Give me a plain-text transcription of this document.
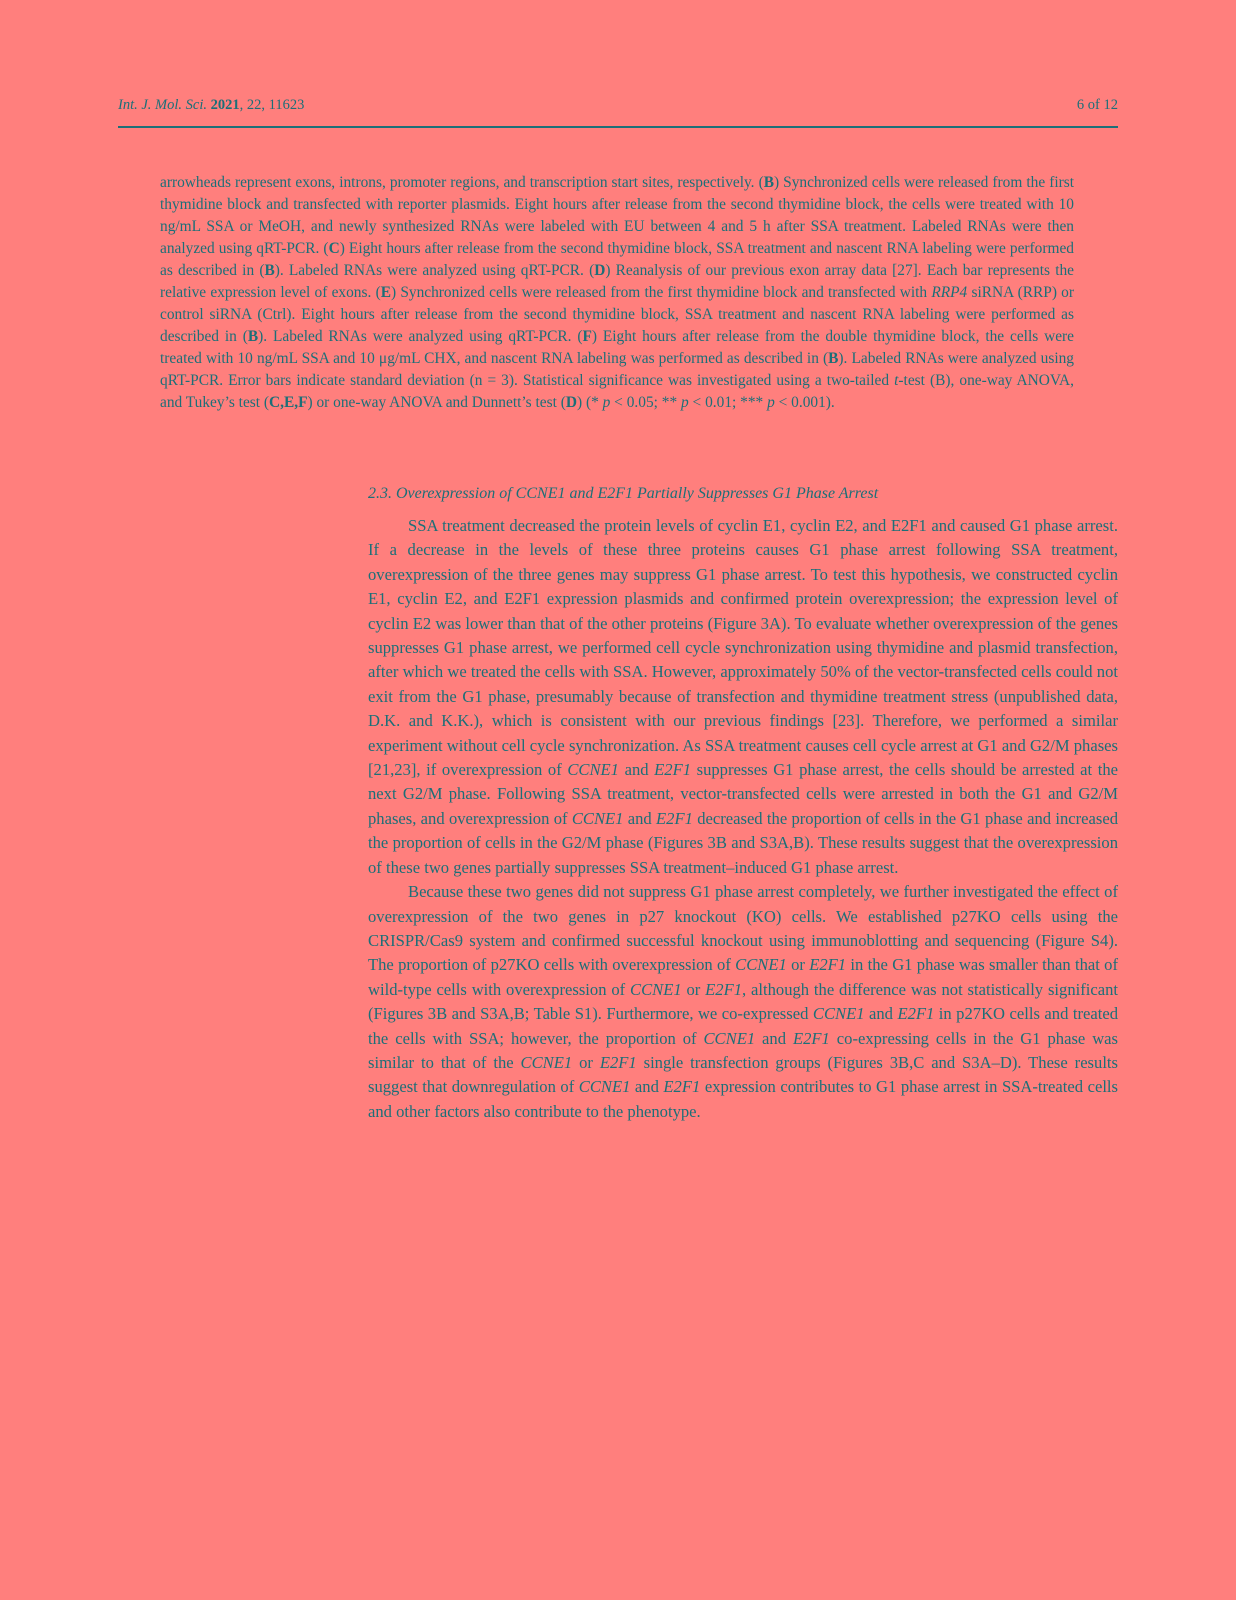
Int. J. Mol. Sci. 2021, 22, 11623	6 of 12

arrowheads represent exons, introns, promoter regions, and transcription start sites, respectively. (B) Synchronized cells were released from the first thymidine block and transfected with reporter plasmids. Eight hours after release from the second thymidine block, the cells were treated with 10 ng/mL SSA or MeOH, and newly synthesized RNAs were labeled with EU between 4 and 5 h after SSA treatment. Labeled RNAs were then analyzed using qRT-PCR. (C) Eight hours after release from the second thymidine block, SSA treatment and nascent RNA labeling were performed as described in (B). Labeled RNAs were analyzed using qRT-PCR. (D) Reanalysis of our previous exon array data [27]. Each bar represents the relative expression level of exons. (E) Synchronized cells were released from the first thymidine block and transfected with RRP4 siRNA (RRP) or control siRNA (Ctrl). Eight hours after release from the second thymidine block, SSA treatment and nascent RNA labeling were performed as described in (B). Labeled RNAs were analyzed using qRT-PCR. (F) Eight hours after release from the double thymidine block, the cells were treated with 10 ng/mL SSA and 10 μg/mL CHX, and nascent RNA labeling was performed as described in (B). Labeled RNAs were analyzed using qRT-PCR. Error bars indicate standard deviation (n = 3). Statistical significance was investigated using a two-tailed t-test (B), one-way ANOVA, and Tukey’s test (C,E,F) or one-way ANOVA and Dunnett’s test (D) (* p < 0.05; ** p < 0.01; *** p < 0.001).

2.3. Overexpression of CCNE1 and E2F1 Partially Suppresses G1 Phase Arrest

SSA treatment decreased the protein levels of cyclin E1, cyclin E2, and E2F1 and caused G1 phase arrest. If a decrease in the levels of these three proteins causes G1 phase arrest following SSA treatment, overexpression of the three genes may suppress G1 phase arrest. To test this hypothesis, we constructed cyclin E1, cyclin E2, and E2F1 expression plasmids and confirmed protein overexpression; the expression level of cyclin E2 was lower than that of the other proteins (Figure 3A). To evaluate whether overexpression of the genes suppresses G1 phase arrest, we performed cell cycle synchronization using thymidine and plasmid transfection, after which we treated the cells with SSA. However, approximately 50% of the vector-transfected cells could not exit from the G1 phase, presumably because of transfection and thymidine treatment stress (unpublished data, D.K. and K.K.), which is consistent with our previous findings [23]. Therefore, we performed a similar experiment without cell cycle synchronization. As SSA treatment causes cell cycle arrest at G1 and G2/M phases [21,23], if overexpression of CCNE1 and E2F1 suppresses G1 phase arrest, the cells should be arrested at the next G2/M phase. Following SSA treatment, vector-transfected cells were arrested in both the G1 and G2/M phases, and overexpression of CCNE1 and E2F1 decreased the proportion of cells in the G1 phase and increased the proportion of cells in the G2/M phase (Figures 3B and S3A,B). These results suggest that the overexpression of these two genes partially suppresses SSA treatment–induced G1 phase arrest.

Because these two genes did not suppress G1 phase arrest completely, we further investigated the effect of overexpression of the two genes in p27 knockout (KO) cells. We established p27KO cells using the CRISPR/Cas9 system and confirmed successful knockout using immunoblotting and sequencing (Figure S4). The proportion of p27KO cells with overexpression of CCNE1 or E2F1 in the G1 phase was smaller than that of wild-type cells with overexpression of CCNE1 or E2F1, although the difference was not statistically significant (Figures 3B and S3A,B; Table S1). Furthermore, we co-expressed CCNE1 and E2F1 in p27KO cells and treated the cells with SSA; however, the proportion of CCNE1 and E2F1 co-expressing cells in the G1 phase was similar to that of the CCNE1 or E2F1 single transfection groups (Figures 3B,C and S3A–D). These results suggest that downregulation of CCNE1 and E2F1 expression contributes to G1 phase arrest in SSA-treated cells and other factors also contribute to the phenotype.
